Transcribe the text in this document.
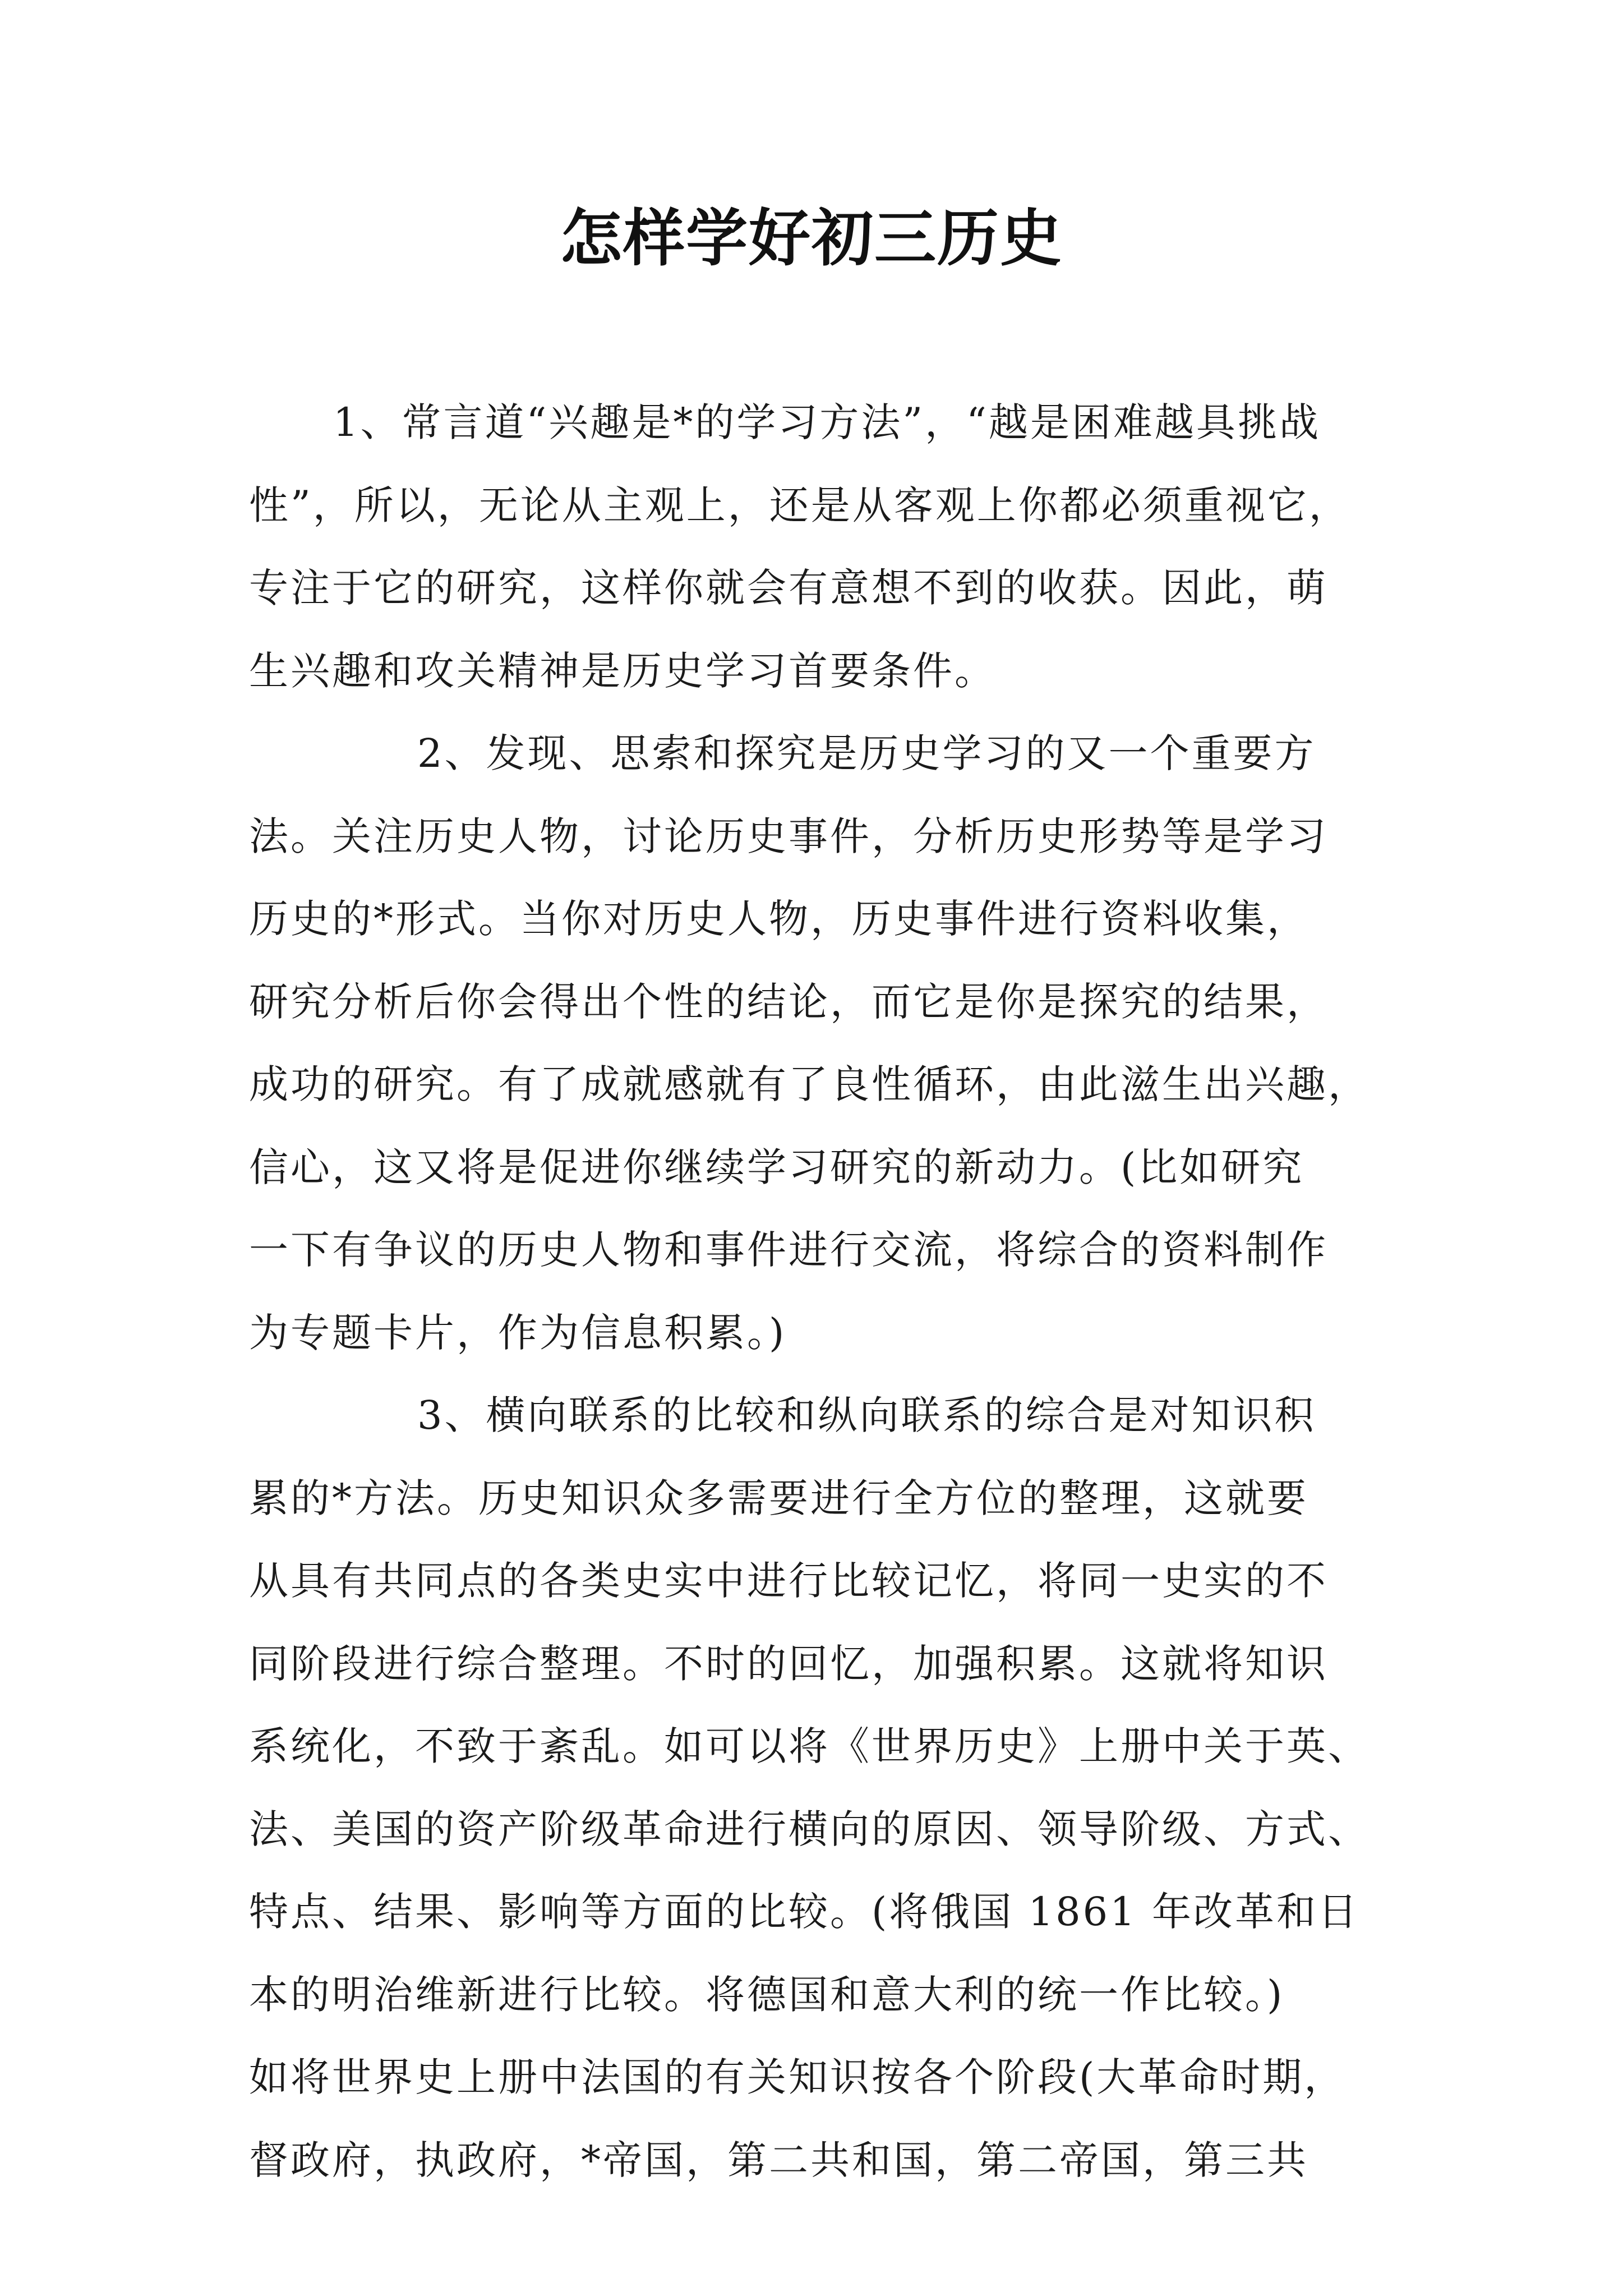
怎样学好初三历史
1、常言道“兴趣是*的学习方法”，“越是困难越具挑战
性”，所以，无论从主观上，还是从客观上你都必须重视它，
专注于它的研究，这样你就会有意想不到的收获。因此，萌
生兴趣和攻关精神是历史学习首要条件。
2、发现、思索和探究是历史学习的又一个重要方
法。关注历史人物，讨论历史事件，分析历史形势等是学习
历史的*形式。当你对历史人物，历史事件进行资料收集，
研究分析后你会得出个性的结论，而它是你是探究的结果，
成功的研究。有了成就感就有了良性循环，由此滋生出兴趣，
信心，这又将是促进你继续学习研究的新动力。(比如研究
一下有争议的历史人物和事件进行交流，将综合的资料制作
为专题卡片，作为信息积累。)
3、横向联系的比较和纵向联系的综合是对知识积
累的*方法。历史知识众多需要进行全方位的整理，这就要
从具有共同点的各类史实中进行比较记忆，将同一史实的不
同阶段进行综合整理。不时的回忆，加强积累。这就将知识
系统化，不致于紊乱。如可以将《世界历史》上册中关于英、
法、美国的资产阶级革命进行横向的原因、领导阶级、方式、
特点、结果、影响等方面的比较。(将俄国 1861 年改革和日
本的明治维新进行比较。将德国和意大利的统一作比较。)
如将世界史上册中法国的有关知识按各个阶段(大革命时期，
督政府，执政府，*帝国，第二共和国，第二帝国，第三共
